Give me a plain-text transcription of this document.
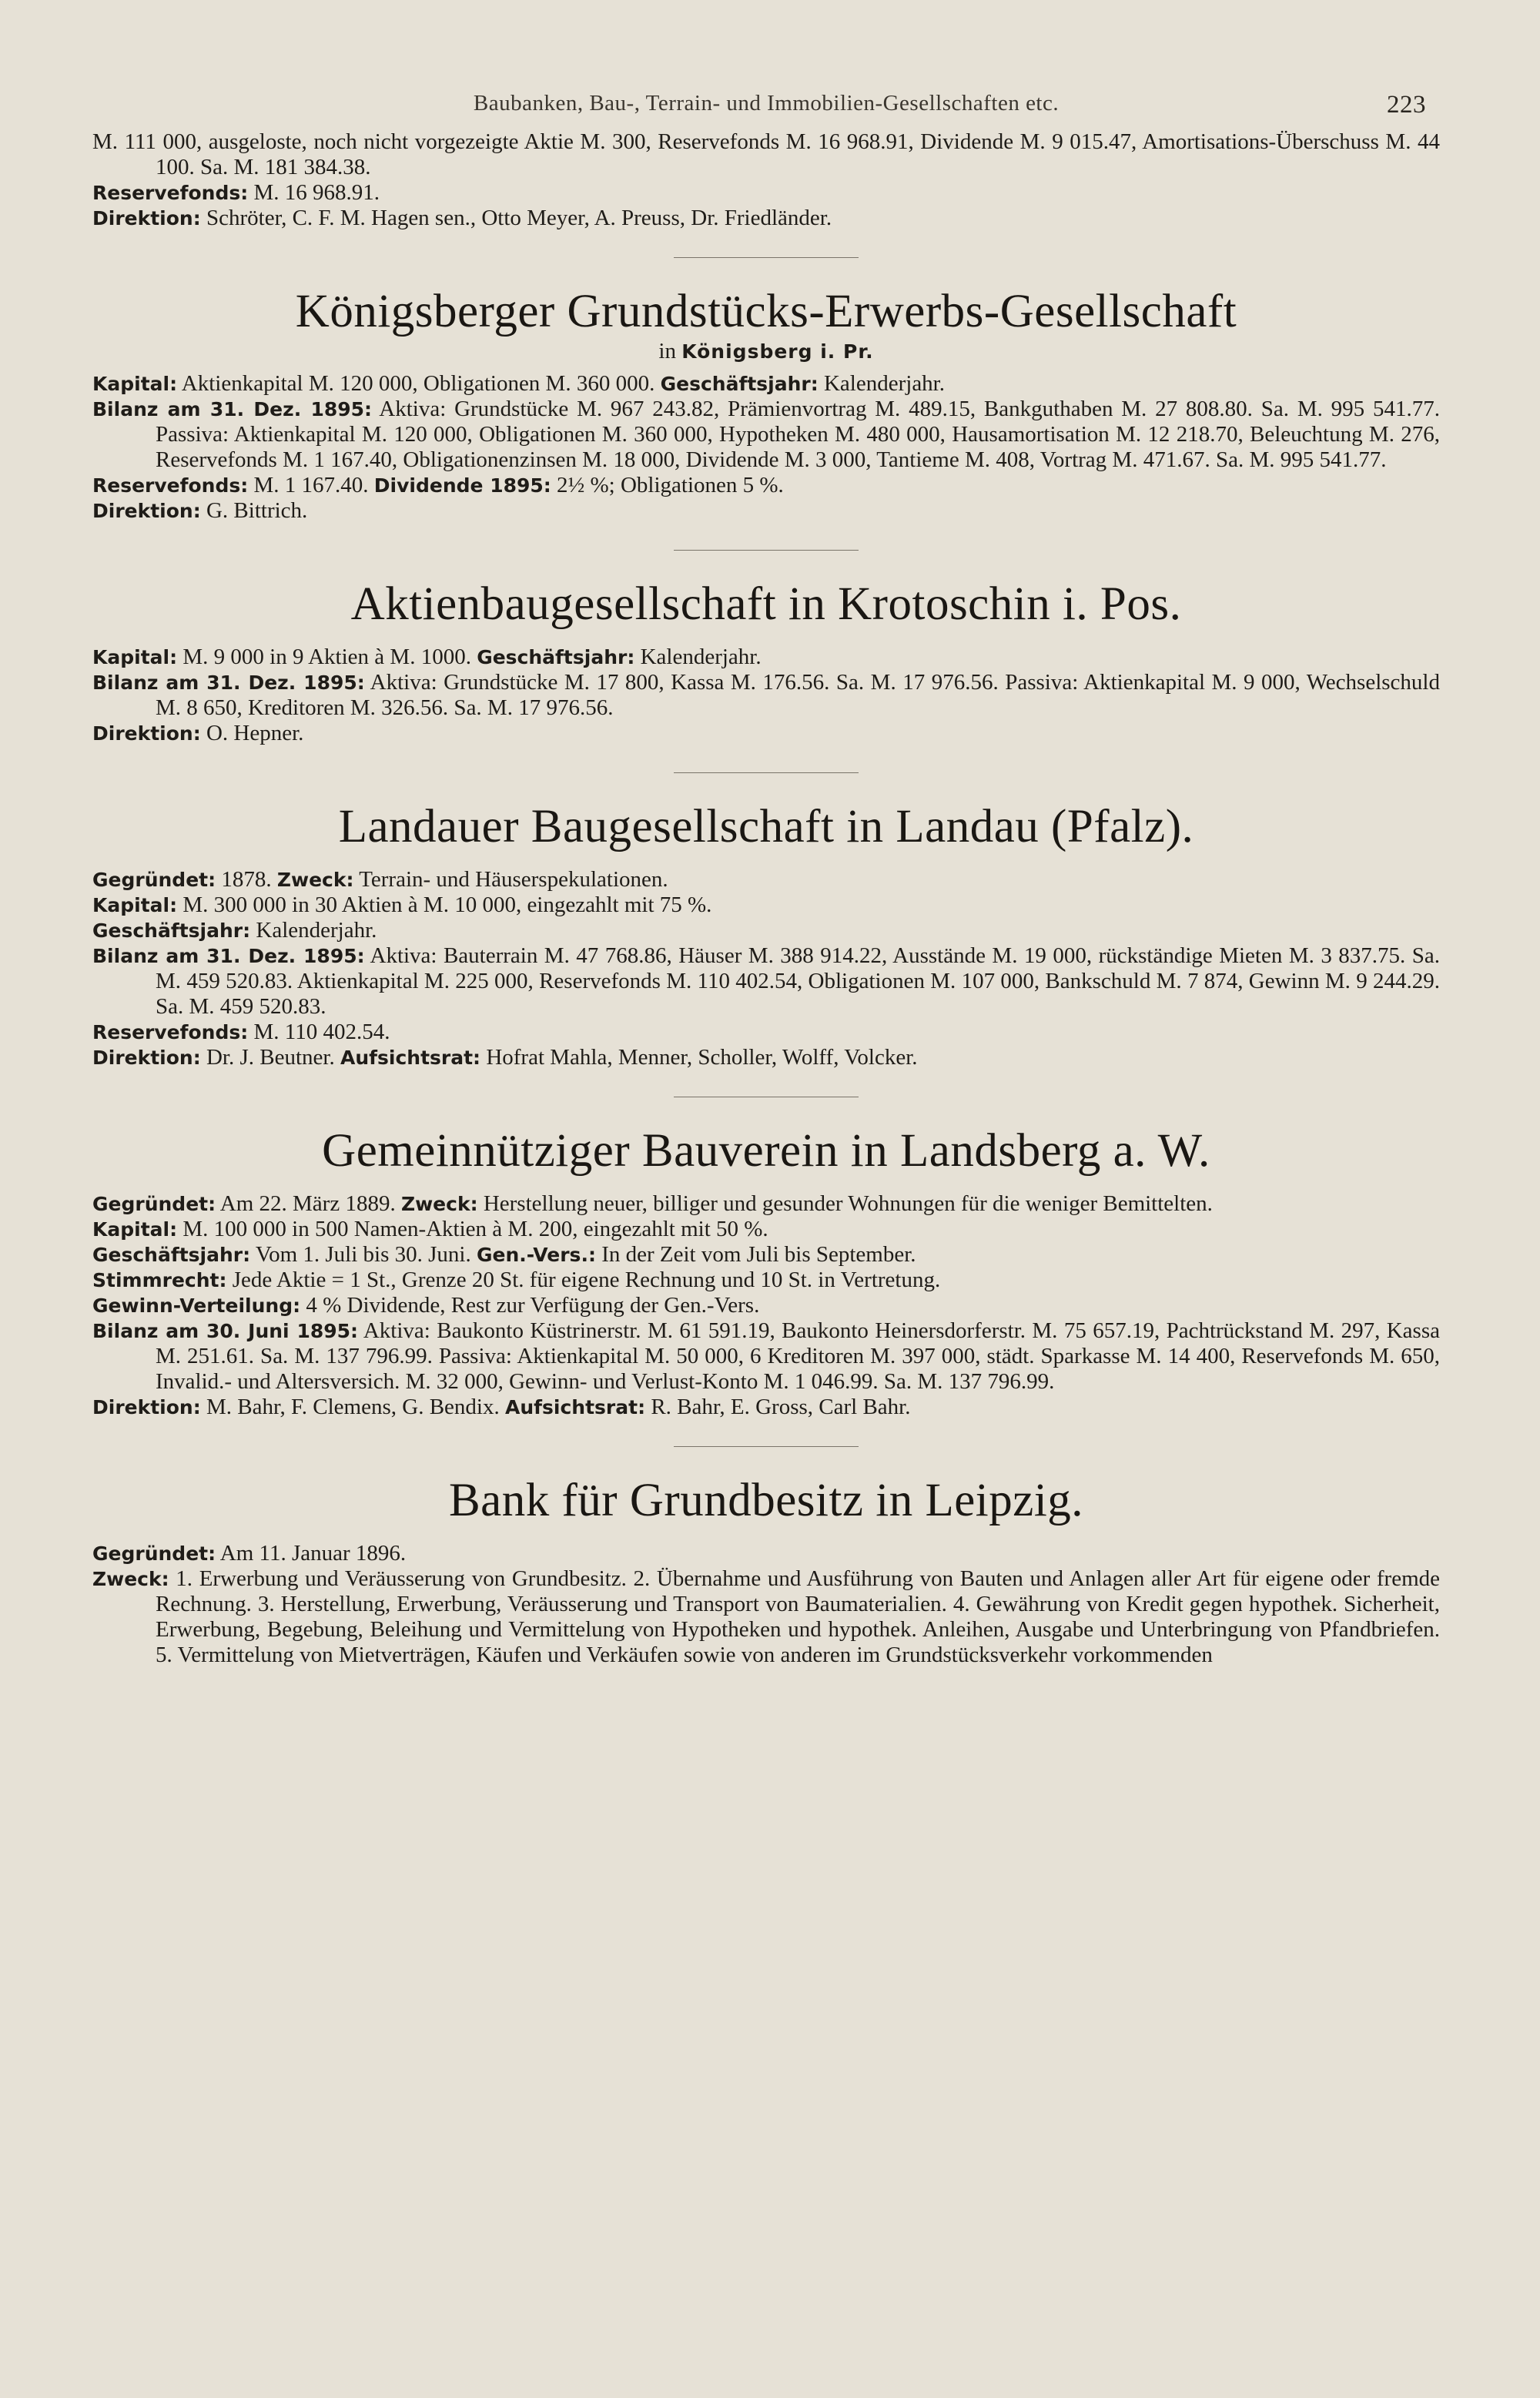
Baubanken, Bau-, Terrain- und Immobilien-Gesellschaften etc.	223

M. 111 000, ausgeloste, noch nicht vorgezeigte Aktie M. 300, Reservefonds M. 16 968.91, Dividende M. 9 015.47, Amortisations-Überschuss M. 44 100. Sa. M. 181 384.38.

Reservefonds: M. 16 968.91.

Direktion: Schröter, C. F. M. Hagen sen., Otto Meyer, A. Preuss, Dr. Friedländer.

Königsberger Grundstücks-Erwerbs-Gesellschaft
in Königsberg i. Pr.

Kapital: Aktienkapital M. 120 000, Obligationen M. 360 000. Geschäftsjahr: Kalenderjahr.

Bilanz am 31. Dez. 1895: Aktiva: Grundstücke M. 967 243.82, Prämienvortrag M. 489.15, Bankguthaben M. 27 808.80. Sa. M. 995 541.77. Passiva: Aktienkapital M. 120 000, Obligationen M. 360 000, Hypotheken M. 480 000, Hausamortisation M. 12 218.70, Beleuchtung M. 276, Reservefonds M. 1 167.40, Obligationenzinsen M. 18 000, Dividende M. 3 000, Tantieme M. 408, Vortrag M. 471.67. Sa. M. 995 541.77.

Reservefonds: M. 1 167.40. Dividende 1895: 2½ %; Obligationen 5 %.

Direktion: G. Bittrich.

Aktienbaugesellschaft in Krotoschin i. Pos.

Kapital: M. 9 000 in 9 Aktien à M. 1000. Geschäftsjahr: Kalenderjahr.

Bilanz am 31. Dez. 1895: Aktiva: Grundstücke M. 17 800, Kassa M. 176.56. Sa. M. 17 976.56. Passiva: Aktienkapital M. 9 000, Wechselschuld M. 8 650, Kreditoren M. 326.56. Sa. M. 17 976.56.

Direktion: O. Hepner.

Landauer Baugesellschaft in Landau (Pfalz).

Gegründet: 1878. Zweck: Terrain- und Häuserspekulationen.

Kapital: M. 300 000 in 30 Aktien à M. 10 000, eingezahlt mit 75 %.

Geschäftsjahr: Kalenderjahr.

Bilanz am 31. Dez. 1895: Aktiva: Bauterrain M. 47 768.86, Häuser M. 388 914.22, Ausstände M. 19 000, rückständige Mieten M. 3 837.75. Sa. M. 459 520.83. Aktienkapital M. 225 000, Reservefonds M. 110 402.54, Obligationen M. 107 000, Bankschuld M. 7 874, Gewinn M. 9 244.29. Sa. M. 459 520.83.

Reservefonds: M. 110 402.54.

Direktion: Dr. J. Beutner. Aufsichtsrat: Hofrat Mahla, Menner, Scholler, Wolff, Volcker.

Gemeinnütziger Bauverein in Landsberg a. W.

Gegründet: Am 22. März 1889. Zweck: Herstellung neuer, billiger und gesunder Wohnungen für die weniger Bemittelten.

Kapital: M. 100 000 in 500 Namen-Aktien à M. 200, eingezahlt mit 50 %.

Geschäftsjahr: Vom 1. Juli bis 30. Juni. Gen.-Vers.: In der Zeit vom Juli bis September.

Stimmrecht: Jede Aktie = 1 St., Grenze 20 St. für eigene Rechnung und 10 St. in Vertretung.

Gewinn-Verteilung: 4 % Dividende, Rest zur Verfügung der Gen.-Vers.

Bilanz am 30. Juni 1895: Aktiva: Baukonto Küstrinerstr. M. 61 591.19, Baukonto Heinersdorferstr. M. 75 657.19, Pachtrückstand M. 297, Kassa M. 251.61. Sa. M. 137 796.99. Passiva: Aktienkapital M. 50 000, 6 Kreditoren M. 397 000, städt. Sparkasse M. 14 400, Reservefonds M. 650, Invalid.- und Altersversich. M. 32 000, Gewinn- und Verlust-Konto M. 1 046.99. Sa. M. 137 796.99.

Direktion: M. Bahr, F. Clemens, G. Bendix. Aufsichtsrat: R. Bahr, E. Gross, Carl Bahr.

Bank für Grundbesitz in Leipzig.

Gegründet: Am 11. Januar 1896.

Zweck: 1. Erwerbung und Veräusserung von Grundbesitz. 2. Übernahme und Ausführung von Bauten und Anlagen aller Art für eigene oder fremde Rechnung. 3. Herstellung, Erwerbung, Veräusserung und Transport von Baumaterialien. 4. Gewährung von Kredit gegen hypothek. Sicherheit, Erwerbung, Begebung, Beleihung und Vermittelung von Hypotheken und hypothek. Anleihen, Ausgabe und Unterbringung von Pfandbriefen. 5. Vermittelung von Mietverträgen, Käufen und Verkäufen sowie von anderen im Grundstücksverkehr vorkommenden
